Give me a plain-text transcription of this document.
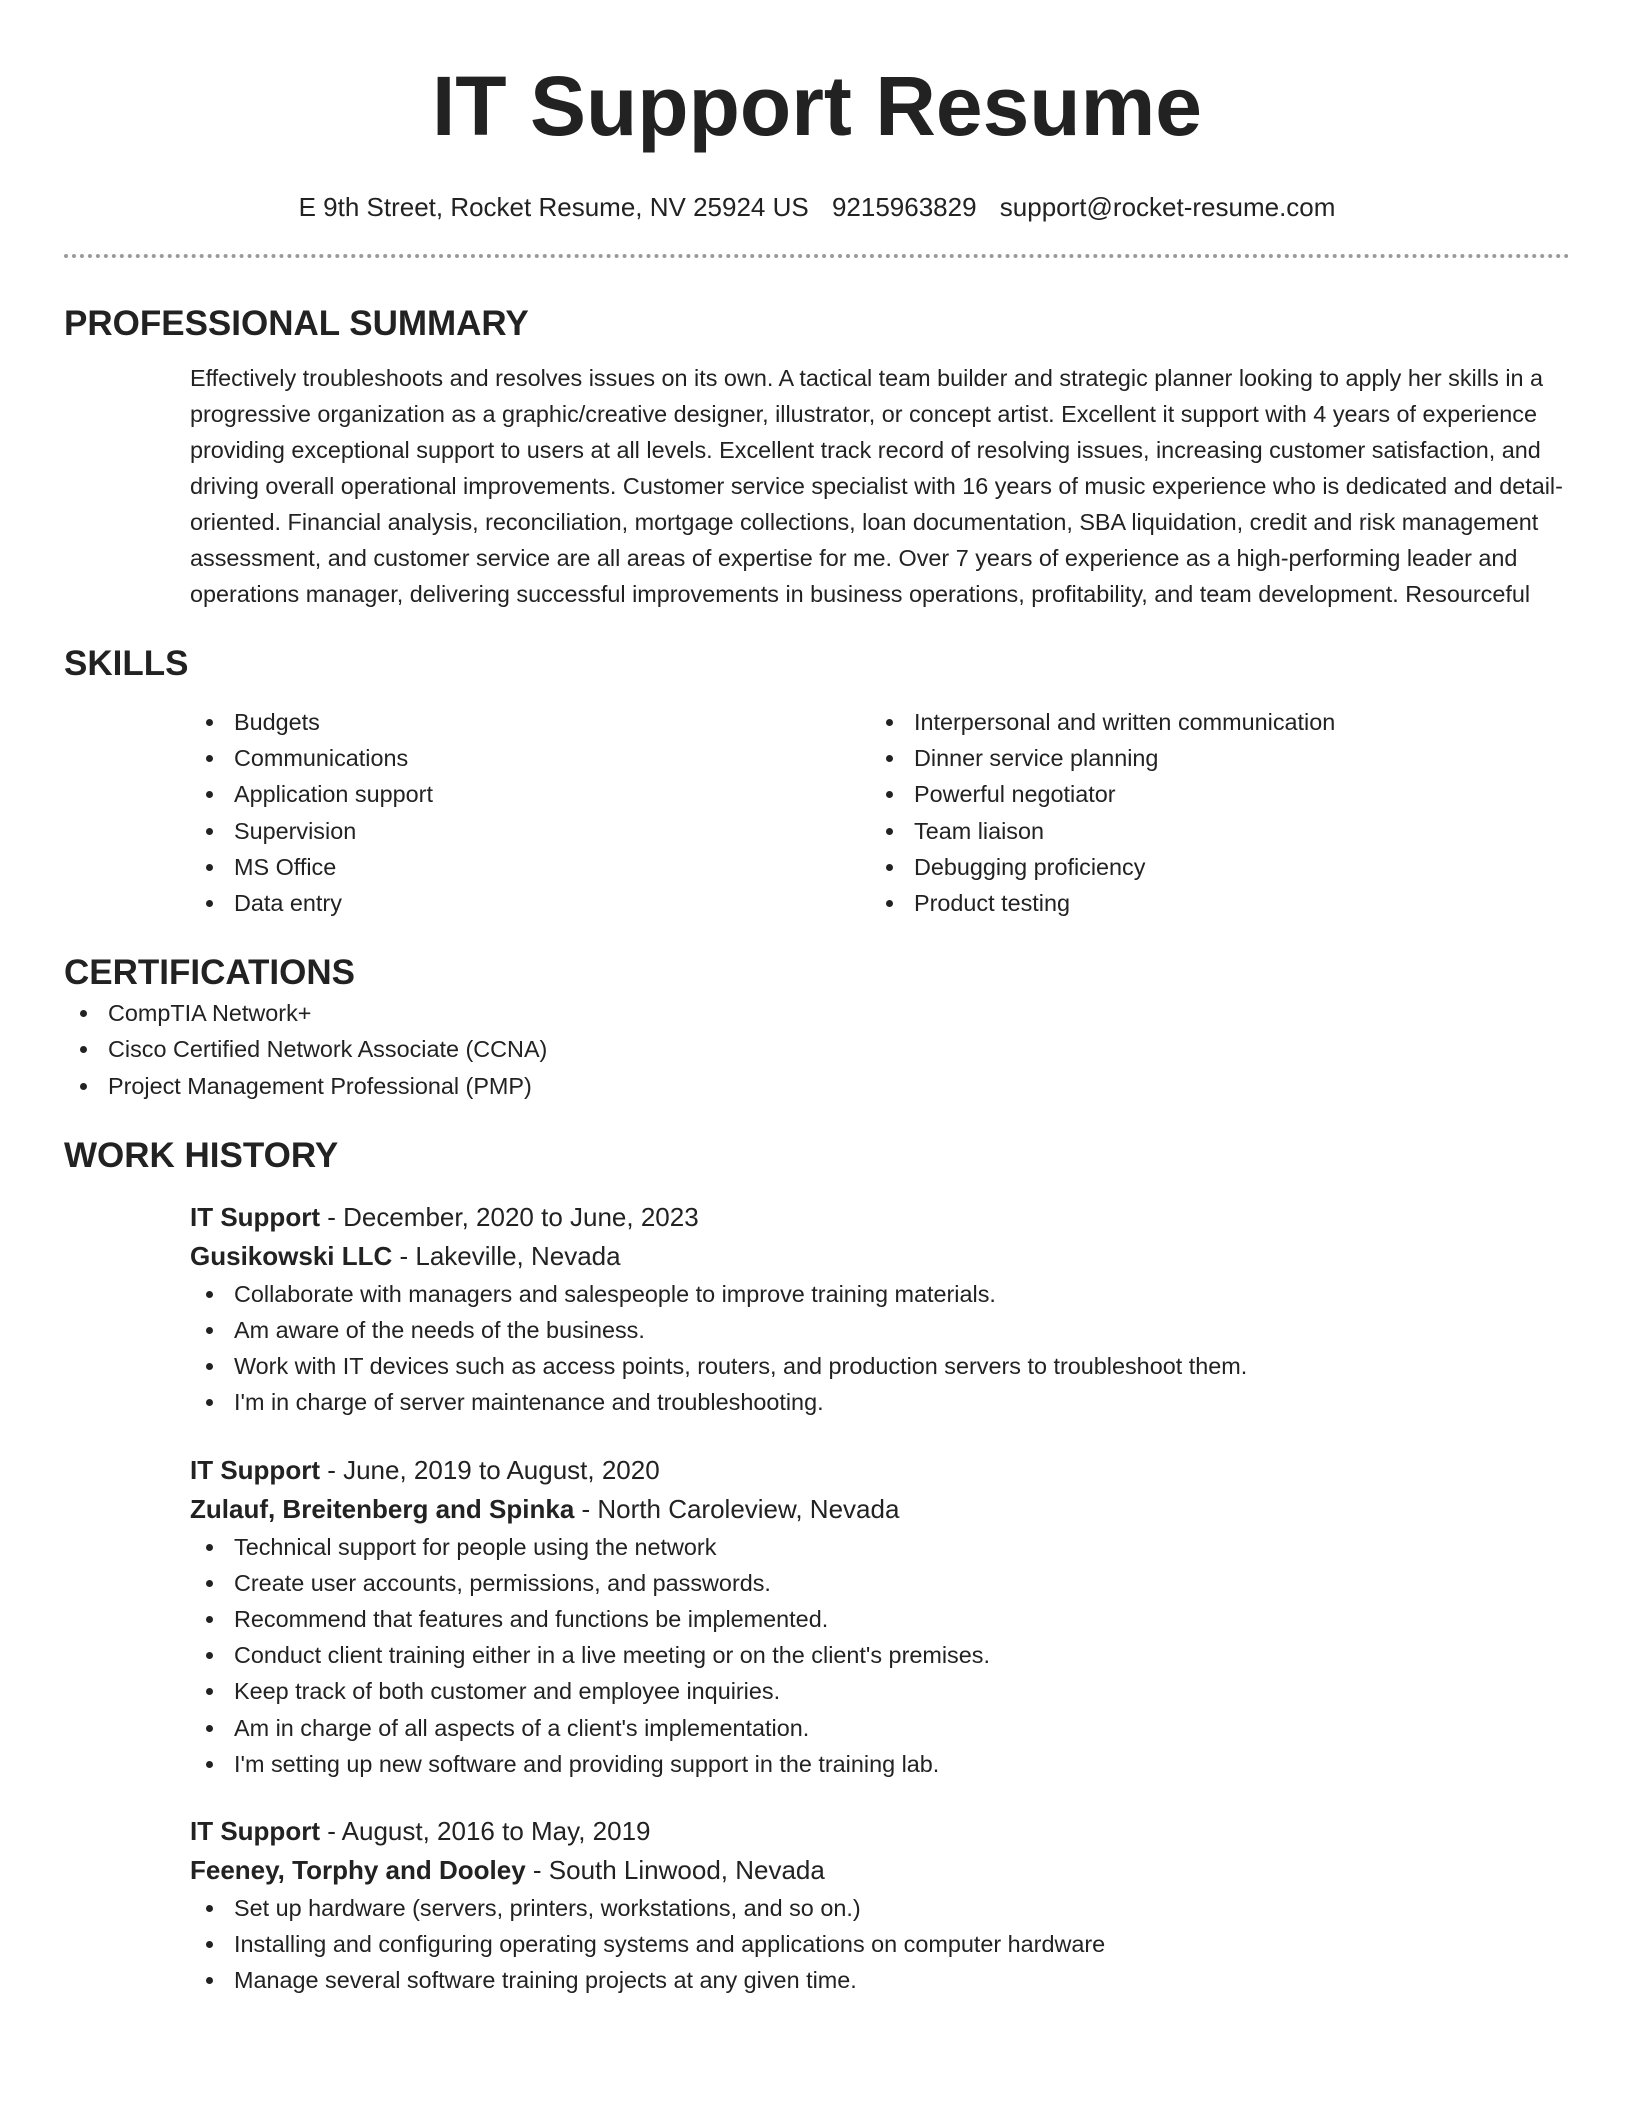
IT Support Resume
E 9th Street, Rocket Resume, NV 25924 US 9215963829 support@rocket-resume.com
PROFESSIONAL SUMMARY

Effectively troubleshoots and resolves issues on its own. A tactical team builder and strategic planner looking to apply her skills in a progressive organization as a graphic/creative designer, illustrator, or concept artist. Excellent it support with 4 years of experience providing exceptional support to users at all levels. Excellent track record of resolving issues, increasing customer satisfaction, and driving overall operational improvements. Customer service specialist with 16 years of music experience who is dedicated and detail-oriented. Financial analysis, reconciliation, mortgage collections, loan documentation, SBA liquidation, credit and risk management assessment, and customer service are all areas of expertise for me. Over 7 years of experience as a high-performing leader and operations manager, delivering successful improvements in business operations, profitability, and team development. Resourceful

SKILLS
Budgets
Communications
Application support
Supervision
MS Office
Data entry
Interpersonal and written communication
Dinner service planning
Powerful negotiator
Team liaison
Debugging proficiency
Product testing
CERTIFICATIONS
CompTIA Network+
Cisco Certified Network Associate (CCNA)
Project Management Professional (PMP)
WORK HISTORY
IT Support - December, 2020 to June, 2023
Gusikowski LLC - Lakeville, Nevada
Collaborate with managers and salespeople to improve training materials.
Am aware of the needs of the business.
Work with IT devices such as access points, routers, and production servers to troubleshoot them.
I'm in charge of server maintenance and troubleshooting.
IT Support - June, 2019 to August, 2020
Zulauf, Breitenberg and Spinka - North Caroleview, Nevada
Technical support for people using the network
Create user accounts, permissions, and passwords.
Recommend that features and functions be implemented.
Conduct client training either in a live meeting or on the client's premises.
Keep track of both customer and employee inquiries.
Am in charge of all aspects of a client's implementation.
I'm setting up new software and providing support in the training lab.
IT Support - August, 2016 to May, 2019
Feeney, Torphy and Dooley - South Linwood, Nevada
Set up hardware (servers, printers, workstations, and so on.)
Installing and configuring operating systems and applications on computer hardware
Manage several software training projects at any given time.
